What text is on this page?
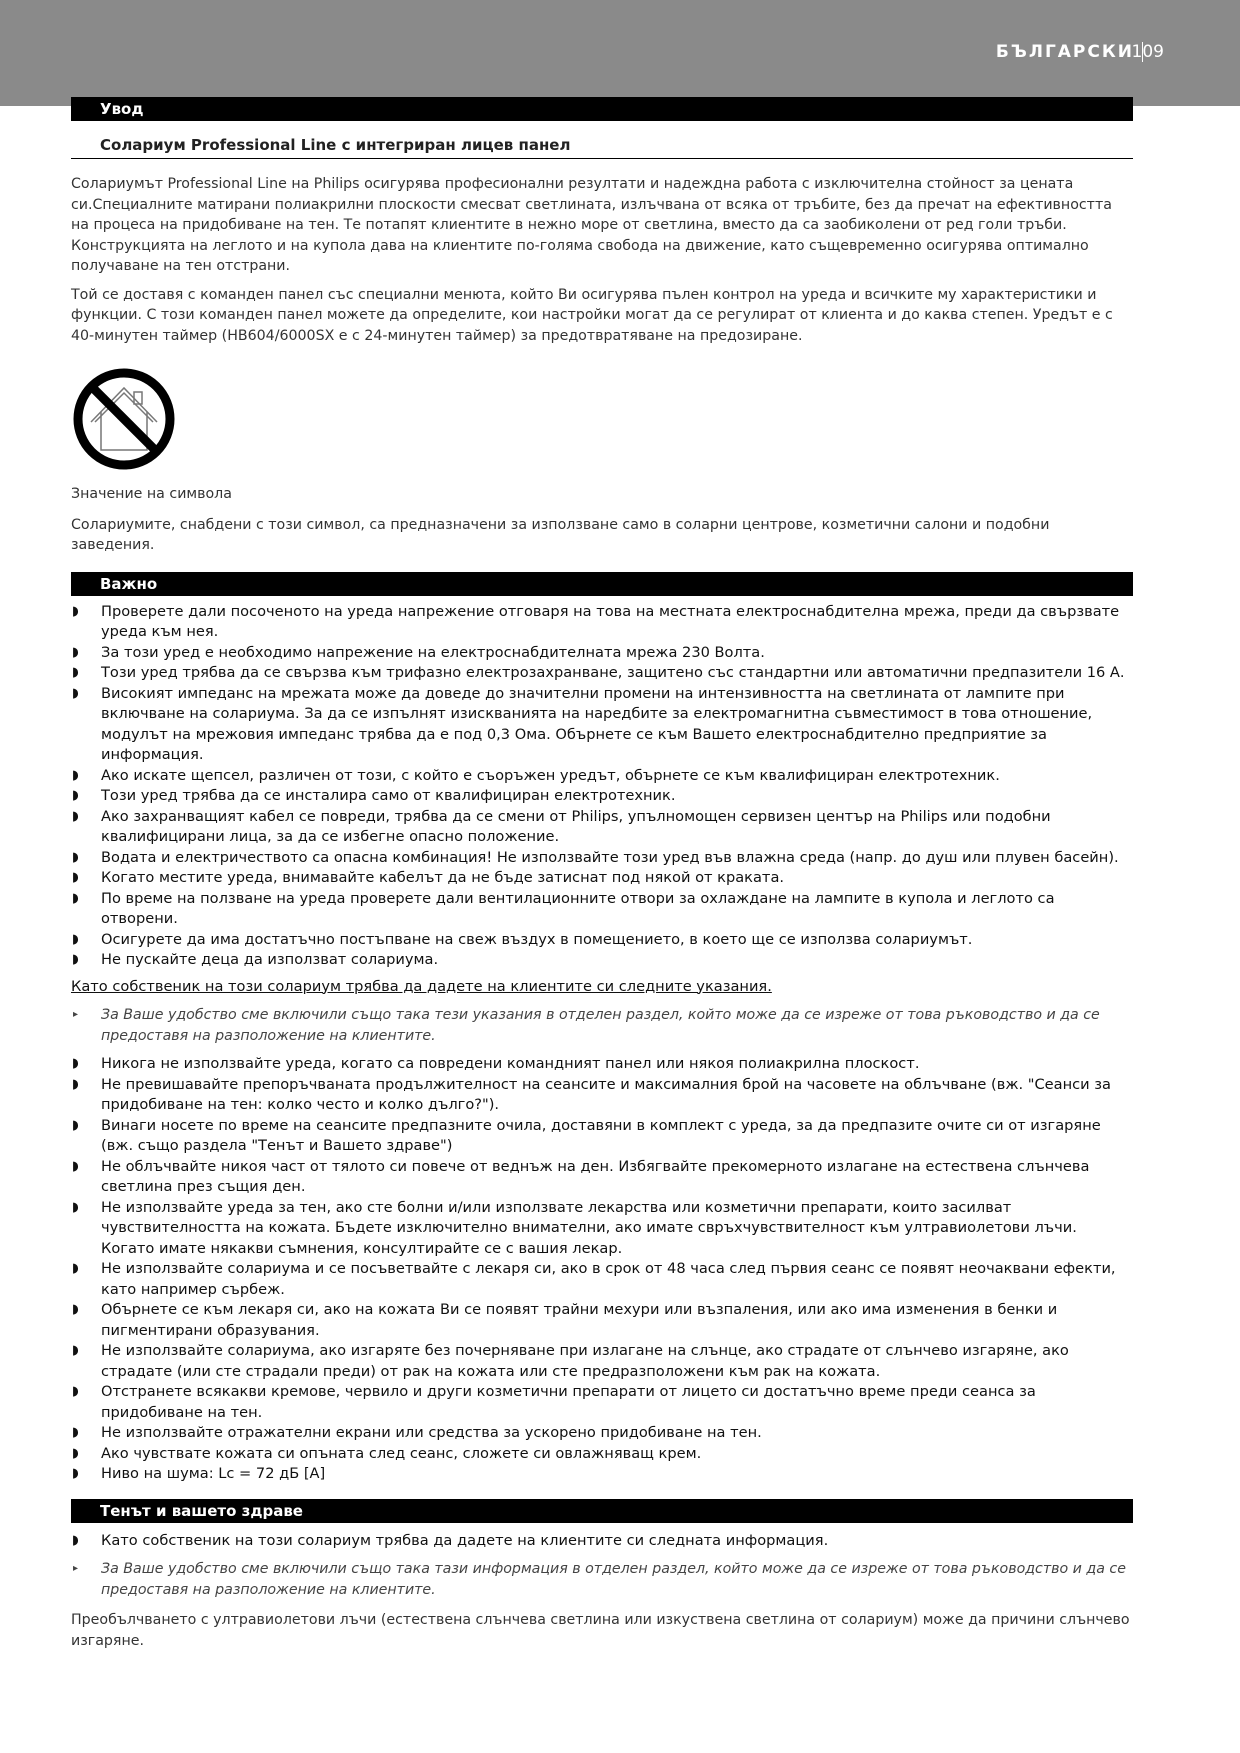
БЪЛГАРСКИ
109
Увод
Солариум Professional Line с интегриран лицев панел

Солариумът Professional Line на Philips осигурява професионални резултати и надеждна работа с изключителна стойност за цената си.Специалните матирани полиакрилни плоскости смесват светлината, излъчвана от всяка от тръбите, без да пречат на ефективността на процеса на придобиване на тен. Те потапят клиентите в нежно море от светлина, вместо да са заобиколени от ред голи тръби. Конструкцията на леглото и на купола дава на клиентите по-голяма свобода на движение, като същевременно осигурява оптимално получаване на тен отстрани.

Той се доставя с команден панел със специални менюта, който Ви осигурява пълен контрол на уреда и всичките му характеристики и функции. С този команден панел можете да определите, кои настройки могат да се регулират от клиента и до каква степен. Уредът е с 40-минутен таймер (HB604/6000SX е с 24-минутен таймер) за предотвратяване на предозиране.

Значение на символа

Солариумите, снабдени с този символ, са предназначени за използване само в соларни центрове, козметични салони и подобни заведения.

Важно
◗ Проверете дали посоченото на уреда напрежение отговаря на това на местната електроснабдителна мрежа, преди да свързвате уреда към нея.
◗ За този уред е необходимо напрежение на електроснабдителната мрежа 230 Волта.
◗ Този уред трябва да се свързва към трифазно електрозахранване, защитено със стандартни или автоматични предпазители 16 А.
◗ Високият импеданс на мрежата може да доведе до значителни промени на интензивността на светлината от лампите при включване на солариума. За да се изпълнят изискванията на наредбите за електромагнитна съвместимост в това отношение, модулът на мрежовия импеданс трябва да е под 0,3 Ома. Обърнете се към Вашето електроснабдително предприятие за информация.
◗ Ако искате щепсел, различен от този, с който е съоръжен уредът, обърнете се към квалифициран електротехник.
◗ Този уред трябва да се инсталира само от квалифициран електротехник.
◗ Ако захранващият кабел се повреди, трябва да се смени от Philips, упълномощен сервизен център на Philips или подобни квалифицирани лица, за да се избегне опасно положение.
◗ Водата и електричеството са опасна комбинация! Не използвайте този уред във влажна среда (напр. до душ или плувен басейн).
◗ Когато местите уреда, внимавайте кабелът да не бъде затиснат под някой от краката.
◗ По време на ползване на уреда проверете дали вентилационните отвори за охлаждане на лампите в купола и леглото са отворени.
◗ Осигурете да има достатъчно постъпване на свеж въздух в помещението, в което ще се използва солариумът.
◗ Не пускайте деца да използват солариума.
Като собственик на този солариум трябва да дадете на клиентите си следните указания.
▸ За Ваше удобство сме включили също така тези указания в отделен раздел, който може да се изреже от това ръководство и да се предоставя на разположение на клиентите.
◗ Никога не използвайте уреда, когато са повредени командният панел или някоя полиакрилна плоскост.
◗ Не превишавайте препоръчваната продължителност на сеансите и максималния брой на часовете на облъчване (вж. "Сеанси за придобиване на тен: колко често и колко дълго?").
◗ Винаги носете по време на сеансите предпазните очила, доставяни в комплект с уреда, за да предпазите очите си от изгаряне (вж. също раздела "Тенът и Вашето здраве")
◗ Не облъчвайте никоя част от тялото си повече от веднъж на ден. Избягвайте прекомерното излагане на естествена слънчева светлина през същия ден.
◗ Не използвайте уреда за тен, ако сте болни и/или използвате лекарства или козметични препарати, които засилват чувствителността на кожата. Бъдете изключително внимателни, ако имате свръхчувствителност към ултравиолетови лъчи. Когато имате някакви съмнения, консултирайте се с вашия лекар.
◗ Не използвайте солариума и се посъветвайте с лекаря си, ако в срок от 48 часа след първия сеанс се появят неочаквани ефекти, като например сърбеж.
◗ Обърнете се към лекаря си, ако на кожата Ви се появят трайни мехури или възпаления, или ако има изменения в бенки и пигментирани образувания.
◗ Не използвайте солариума, ако изгаряте без почерняване при излагане на слънце, ако страдате от слънчево изгаряне, ако страдате (или сте страдали преди) от рак на кожата или сте предразположени към рак на кожата.
◗ Отстранете всякакви кремове, червило и други козметични препарати от лицето си достатъчно време преди сеанса за придобиване на тен.
◗ Не използвайте отражателни екрани или средства за ускорено придобиване на тен.
◗ Ако чувствате кожата си опъната след сеанс, сложете си овлажняващ крем.
◗ Ниво на шума: Lc = 72 дБ [A]
Тенът и вашето здраве
◗ Като собственик на този солариум трябва да дадете на клиентите си следната информация.
▸ За Ваше удобство сме включили също така тази информация в отделен раздел, който може да се изреже от това ръководство и да се предоставя на разположение на клиентите.

Преобълчването с ултравиолетови лъчи (естествена слънчева светлина или изкуствена светлина от солариум) може да причини слънчево изгаряне.
